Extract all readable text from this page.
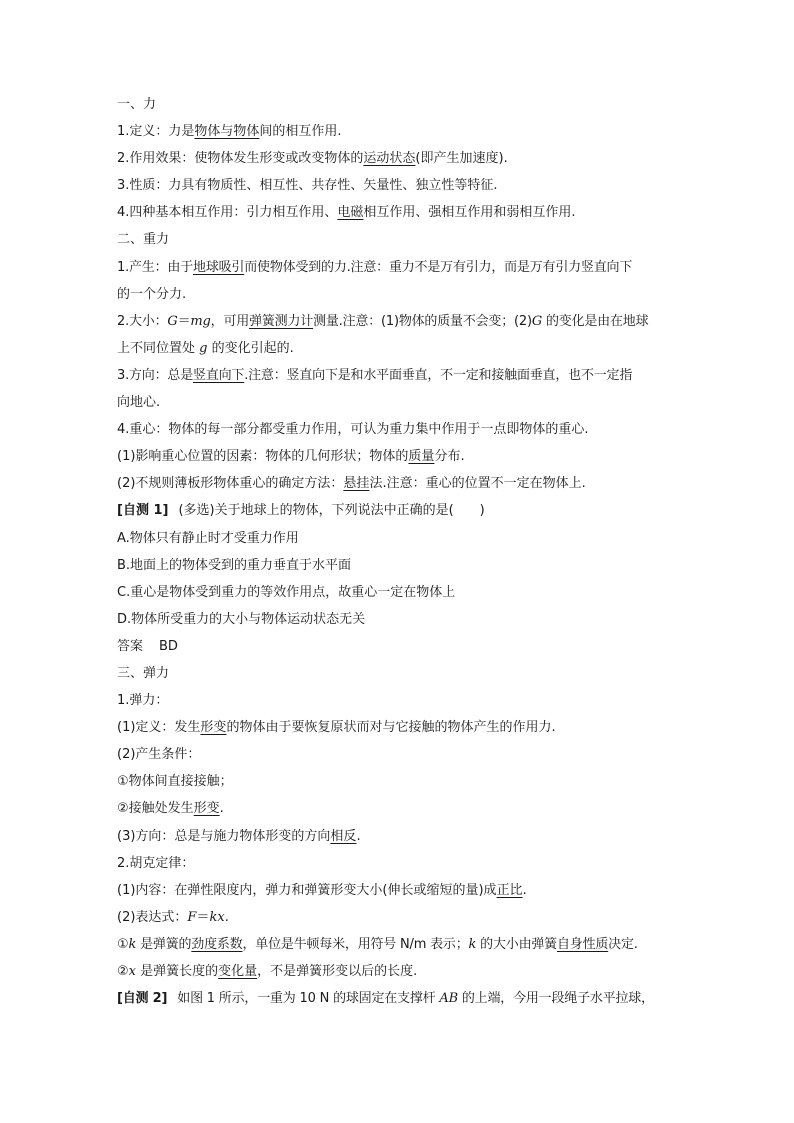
一、力
1.定义：力是物体与物体间的相互作用.
2.作用效果：使物体发生形变或改变物体的运动状态(即产生加速度).
3.性质：力具有物质性、相互性、共存性、矢量性、独立性等特征.
4.四种基本相互作用：引力相互作用、电磁相互作用、强相互作用和弱相互作用.
二、重力
1.产生：由于地球吸引而使物体受到的力.注意：重力不是万有引力，而是万有引力竖直向下
的一个分力.
2.大小：G＝mg，可用弹簧测力计测量.注意：(1)物体的质量不会变；(2)G 的变化是由在地球
上不同位置处 g 的变化引起的.
3.方向：总是竖直向下.注意：竖直向下是和水平面垂直，不一定和接触面垂直，也不一定指
向地心.
4.重心：物体的每一部分都受重力作用，可认为重力集中作用于一点即物体的重心.
(1)影响重心位置的因素：物体的几何形状；物体的质量分布.
(2)不规则薄板形物体重心的确定方法：悬挂法.注意：重心的位置不一定在物体上.
[自测 1] (多选)关于地球上的物体，下列说法中正确的是(　　)
A.物体只有静止时才受重力作用
B.地面上的物体受到的重力垂直于水平面
C.重心是物体受到重力的等效作用点，故重心一定在物体上
D.物体所受重力的大小与物体运动状态无关
答案 BD
三、弹力
1.弹力：
(1)定义：发生形变的物体由于要恢复原状而对与它接触的物体产生的作用力.
(2)产生条件：
①物体间直接接触；
②接触处发生形变.
(3)方向：总是与施力物体形变的方向相反.
2.胡克定律：
(1)内容：在弹性限度内，弹力和弹簧形变大小(伸长或缩短的量)成正比.
(2)表达式：F＝kx.
①k 是弹簧的劲度系数，单位是牛顿每米，用符号 N/m 表示；k 的大小由弹簧自身性质决定.
②x 是弹簧长度的变化量，不是弹簧形变以后的长度.
[自测 2] 如图 1 所示，一重为 10 N 的球固定在支撑杆 AB 的上端，今用一段绳子水平拉球，
